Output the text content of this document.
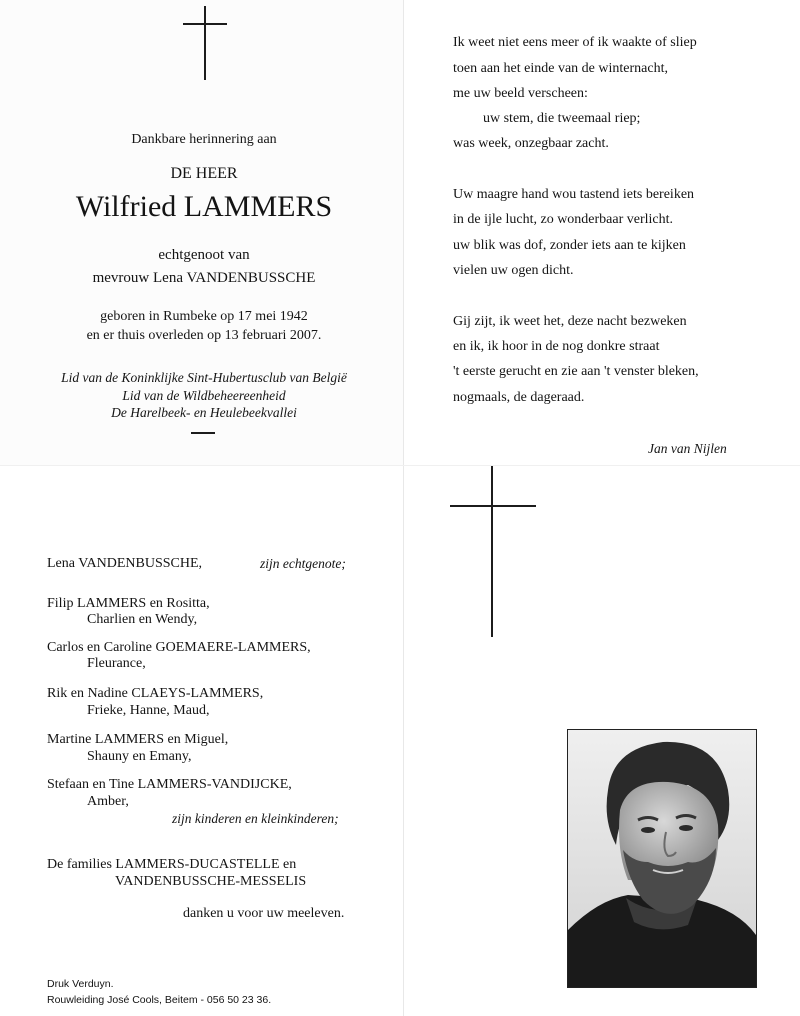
Dankbare herinnering aan
DE HEER
Wilfried LAMMERS
echtgenoot van
mevrouw Lena VANDENBUSSCHE
geboren in Rumbeke op 17 mei 1942
en er thuis overleden op 13 februari 2007.
Lid van de Koninklijke Sint-Hubertusclub van België
Lid van de Wildbeheereenheid
De Harelbeek- en Heulebeekvallei
Ik weet niet eens meer of ik waakte of sliep
toen aan het einde van de winternacht,
me uw beeld verscheen:
uw stem, die tweemaal riep;
was week, onzegbaar zacht.
Uw maagre hand wou tastend iets bereiken
in de ijle lucht, zo wonderbaar verlicht.
uw blik was dof, zonder iets aan te kijken
vielen uw ogen dicht.
Gij zijt, ik weet het, deze nacht bezweken
en ik, ik hoor in de nog donkre straat
't eerste gerucht en zie aan 't venster bleken,
nogmaals, de dageraad.
Jan van Nijlen
Lena VANDENBUSSCHE,	zijn echtgenote;
Filip LAMMERS en Rositta,
Charlien en Wendy,
Carlos en Caroline GOEMAERE-LAMMERS,
Fleurance,
Rik en Nadine CLAEYS-LAMMERS,
Frieke, Hanne, Maud,
Martine LAMMERS en Miguel,
Shauny en Emany,
Stefaan en Tine LAMMERS-VANDIJCKE,
Amber,
zijn kinderen en kleinkinderen;
De families LAMMERS-DUCASTELLE en
VANDENBUSSCHE-MESSELIS
danken u voor uw meeleven.
Druk Verduyn.
Rouwleiding José Cools, Beitem - 056 50 23 36.
